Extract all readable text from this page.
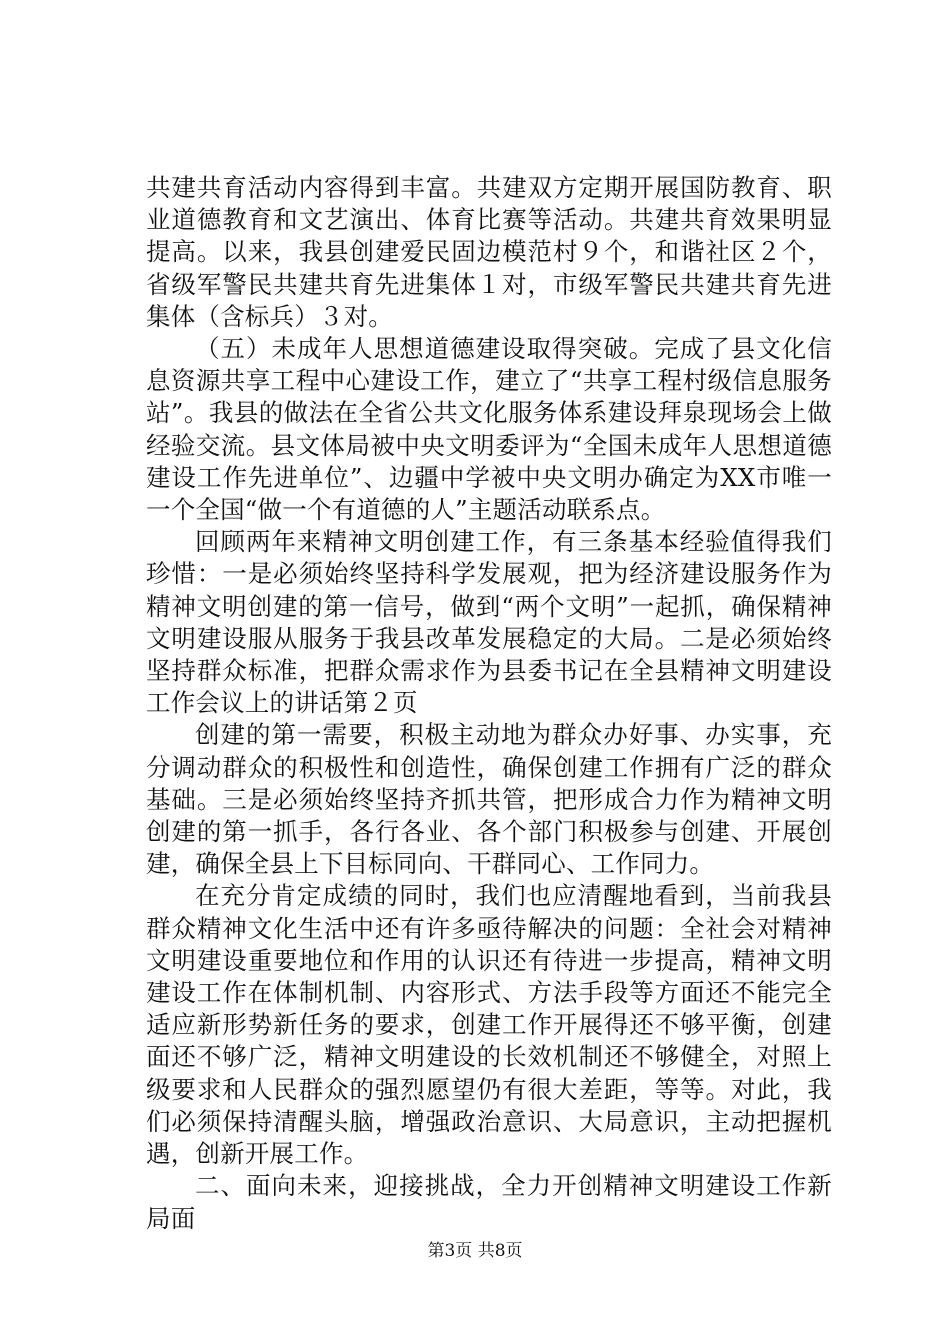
共建共育活动内容得到丰富。共建双方定期开展国防教育、职业道德教育和文艺演出、体育比赛等活动。共建共育效果明显提高。以来，我县创建爱民固边模范村９个，和谐社区２个，省级军警民共建共育先进集体１对，市级军警民共建共育先进集体（含标兵）３对。

（五）未成年人思想道德建设取得突破。完成了县文化信息资源共享工程中心建设工作，建立了“共享工程村级信息服务站”。我县的做法在全省公共文化服务体系建设拜泉现场会上做经验交流。县文体局被中央文明委评为“全国未成年人思想道德建设工作先进单位”、边疆中学被中央文明办确定为XX市唯一一个全国“做一个有道德的人”主题活动联系点。

回顾两年来精神文明创建工作，有三条基本经验值得我们珍惜：一是必须始终坚持科学发展观，把为经济建设服务作为精神文明创建的第一信号，做到“两个文明”一起抓，确保精神文明建设服从服务于我县改革发展稳定的大局。二是必须始终坚持群众标准，把群众需求作为县委书记在全县精神文明建设工作会议上的讲话第２页

创建的第一需要，积极主动地为群众办好事、办实事，充分调动群众的积极性和创造性，确保创建工作拥有广泛的群众基础。三是必须始终坚持齐抓共管，把形成合力作为精神文明创建的第一抓手，各行各业、各个部门积极参与创建、开展创建，确保全县上下目标同向、干群同心、工作同力。

在充分肯定成绩的同时，我们也应清醒地看到，当前我县群众精神文化生活中还有许多亟待解决的问题：全社会对精神文明建设重要地位和作用的认识还有待进一步提高，精神文明建设工作在体制机制、内容形式、方法手段等方面还不能完全适应新形势新任务的要求，创建工作开展得还不够平衡，创建面还不够广泛，精神文明建设的长效机制还不够健全，对照上级要求和人民群众的强烈愿望仍有很大差距，等等。对此，我们必须保持清醒头脑，增强政治意识、大局意识，主动把握机遇，创新开展工作。

二、面向未来，迎接挑战，全力开创精神文明建设工作新局面

第3页 共8页
